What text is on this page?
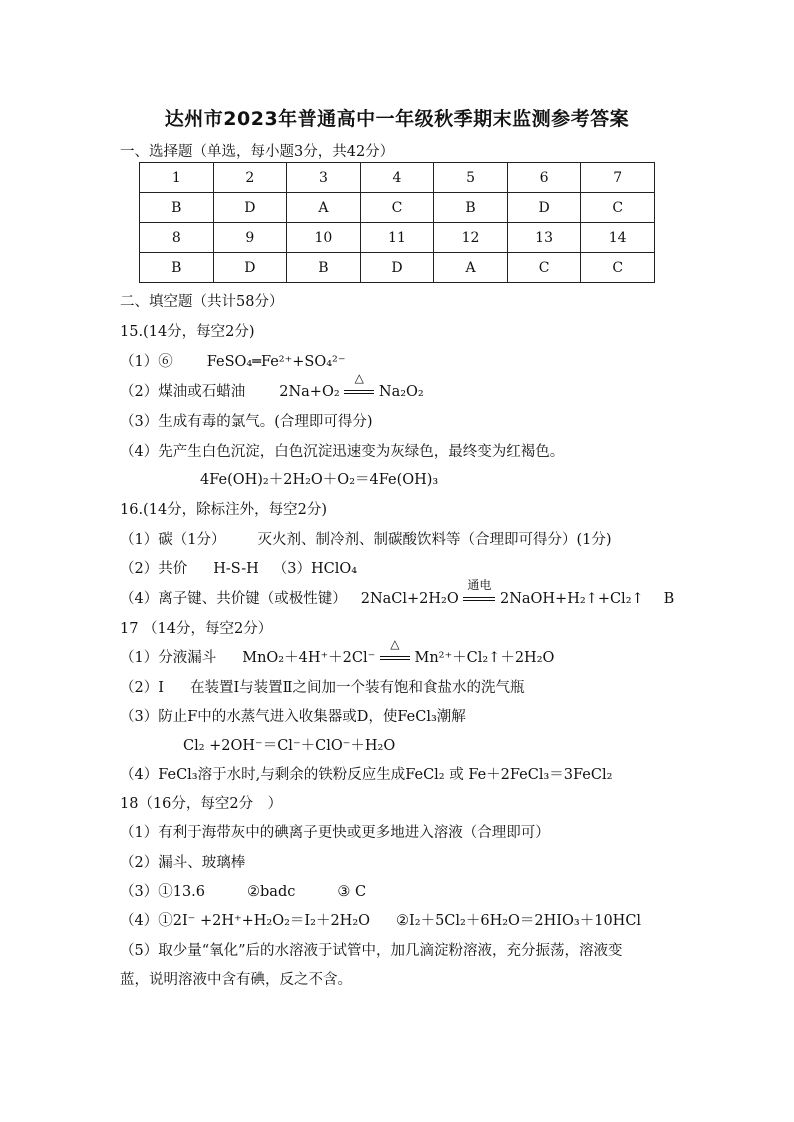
达州市2023年普通高中一年级秋季期末监测参考答案
一、选择题（单选，每小题3分，共42分）
1	2	3	4	5	6	7
B	D	A	C	B	D	C
8	9	10	11	12	13	14
B	D	B	D	A	C	C
二、填空题（共计58分）
15.(14分，每空2分)
（1）⑥ FeSO₄═Fe²⁺+SO₄²⁻
（2）煤油或石蜡油 2Na+O₂
△
Na₂O₂
（3）生成有毒的氯气。(合理即可得分)
（4）先产生白色沉淀，白色沉淀迅速变为灰绿色，最终变为红褐色。
4Fe(OH)₂＋2H₂O＋O₂＝4Fe(OH)₃
16.(14分，除标注外，每空2分)
（1）碳（1分） 灭火剂、制冷剂、制碳酸饮料等（合理即可得分）(1分)
（2）共价 H-S-H （3）HClO₄
（4）离子键、共价键（或极性键） 2NaCl+2H₂O
通电
2NaOH+H₂↑+Cl₂↑ B
17 （14分，每空2分）
（1）分液漏斗 MnO₂＋4H⁺＋2Cl⁻
△
Mn²⁺＋Cl₂↑＋2H₂O
（2）Ⅰ 在装置Ⅰ与装置Ⅱ之间加一个装有饱和食盐水的洗气瓶
（3）防止F中的水蒸气进入收集器或D，使FeCl₃潮解
Cl₂ +2OH⁻＝Cl⁻＋ClO⁻＋H₂O
（4）FeCl₃溶于水时,与剩余的铁粉反应生成FeCl₂ 或 Fe＋2FeCl₃＝3FeCl₂
18（16分，每空2分　）
（1）有利于海带灰中的碘离子更快或更多地进入溶液（合理即可）
（2）漏斗、玻璃棒
（3）①13.6	②badc	③ C
（4）①2I⁻ +2H⁺+H₂O₂＝I₂＋2H₂O ②I₂＋5Cl₂＋6H₂O＝2HIO₃＋10HCl
（5）取少量“氧化”后的水溶液于试管中，加几滴淀粉溶液，充分振荡，溶液变
蓝，说明溶液中含有碘，反之不含。
